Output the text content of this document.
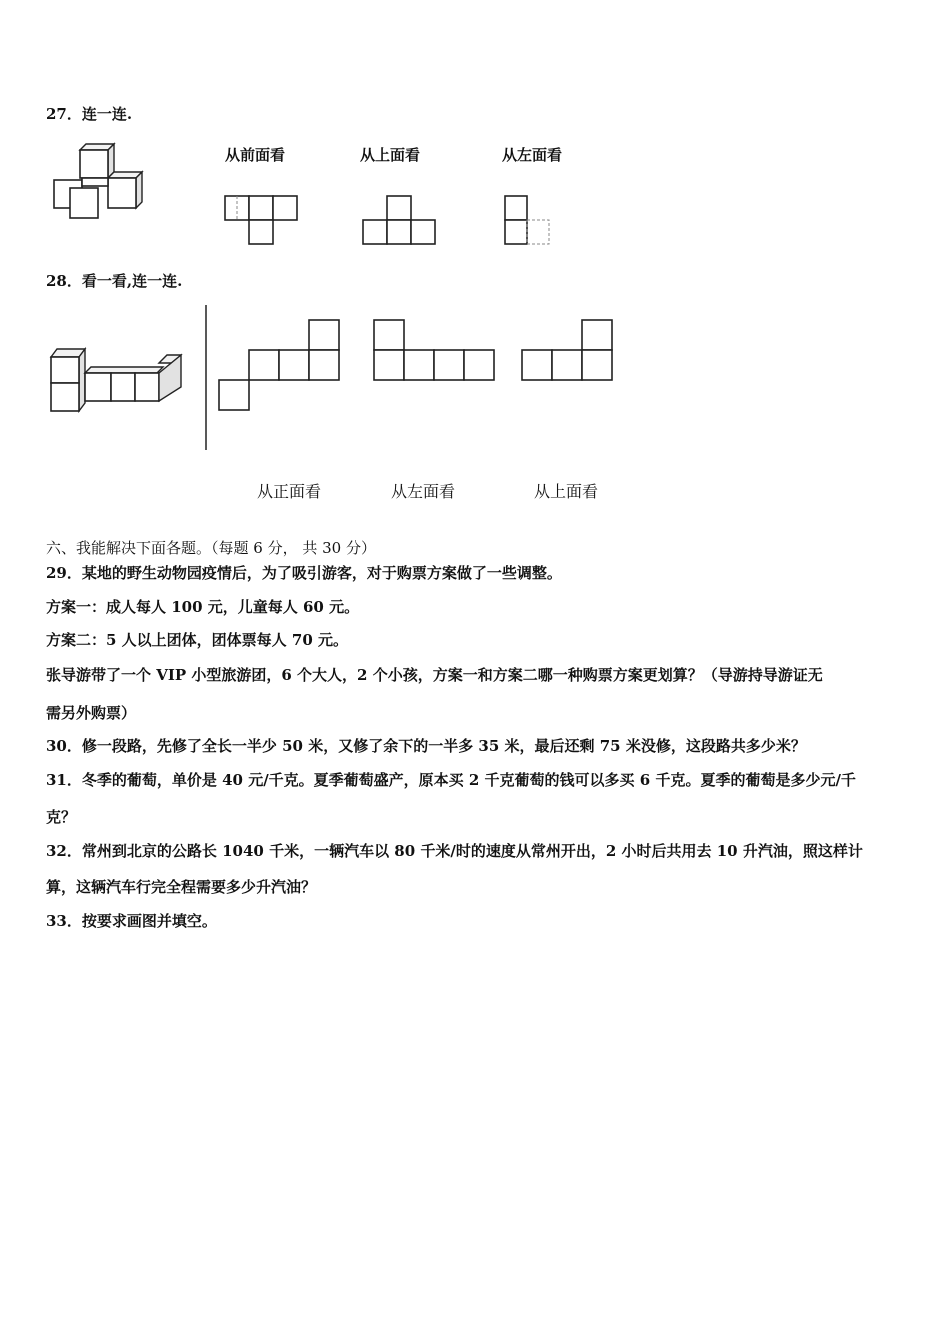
27．连一连.
从前面看	从上面看	从左面看
28．看一看,连一连.
从正面看	从左面看	从上面看
六、我能解决下面各题。（每题 6 分， 共 30 分）
29．某地的野生动物园疫情后，为了吸引游客，对于购票方案做了一些调整。
方案一：成人每人 100 元，儿童每人 60 元。
方案二：5 人以上团体，团体票每人 70 元。
张导游带了一个 VIP 小型旅游团，6 个大人，2 个小孩，方案一和方案二哪一种购票方案更划算？（导游持导游证无
需另外购票）
30．修一段路，先修了全长一半少 50 米，又修了余下的一半多 35 米，最后还剩 75 米没修，这段路共多少米？
31．冬季的葡萄，单价是 40 元/千克。夏季葡萄盛产，原本买 2 千克葡萄的钱可以多买 6 千克。夏季的葡萄是多少元/千
克？
32．常州到北京的公路长 1040 千米，一辆汽车以 80 千米/时的速度从常州开出，2 小时后共用去 10 升汽油，照这样计
算，这辆汽车行完全程需要多少升汽油？
33．按要求画图并填空。
